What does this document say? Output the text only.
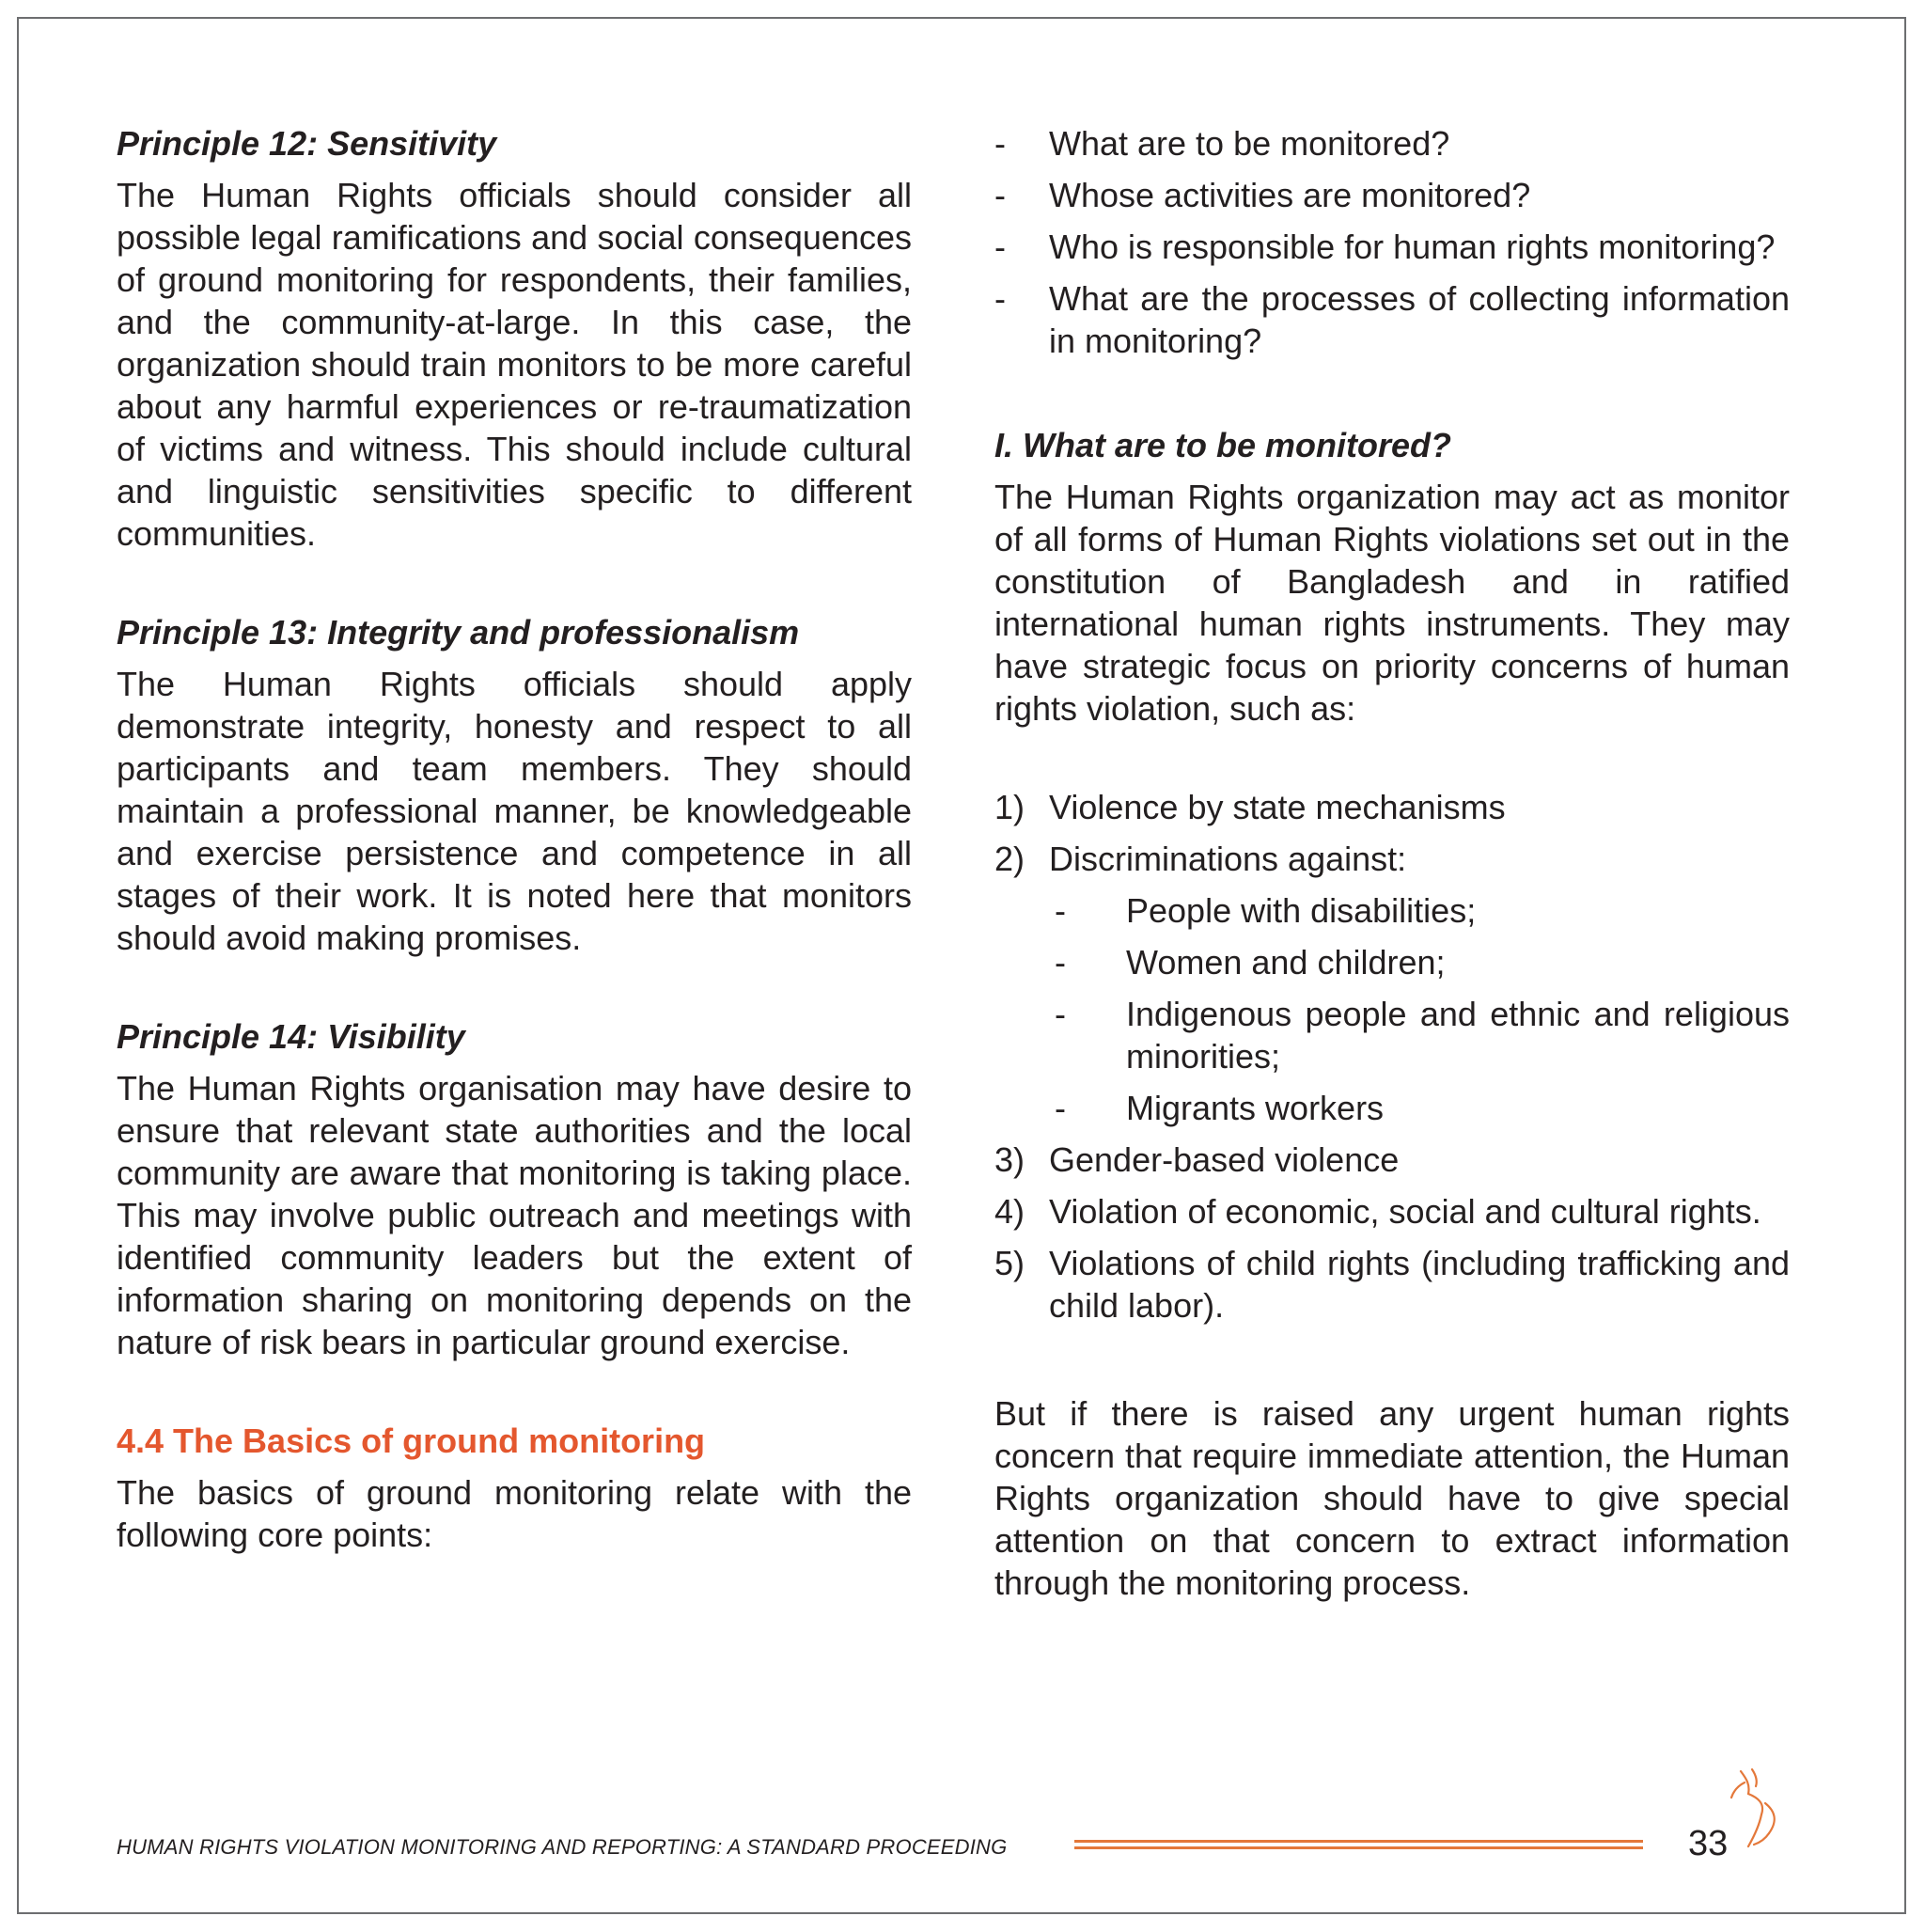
Principle 12: Sensitivity

The Human Rights officials should consider all possible legal ramifications and social consequences of ground monitoring for respondents, their families, and the community-at-large. In this case, the organization should train monitors to be more careful about any harmful experiences or re-traumatization of victims and witness. This should include cultural and linguistic sensitivities specific to different communities.

Principle 13: Integrity and professionalism

The Human Rights officials should apply demonstrate integrity, honesty and respect to all participants and team members. They should maintain a professional manner, be knowledgeable and exercise persistence and competence in all stages of their work. It is noted here that monitors should avoid making promises.

Principle 14: Visibility

The Human Rights organisation may have desire to ensure that relevant state authorities and the local community are aware that monitoring is taking place. This may involve public outreach and meetings with identified community leaders but the extent of information sharing on monitoring depends on the nature of risk bears in particular ground exercise.

4.4 The Basics of ground monitoring

The basics of ground monitoring relate with the following core points:

- What are to be monitored?
- Whose activities are monitored?
- Who is responsible for human rights monitoring?
- What are the processes of collecting information in monitoring?
I. What are to be monitored?

The Human Rights organization may act as monitor of all forms of Human Rights violations set out in the constitution of Bangladesh and in ratified international human rights instruments. They may have strategic focus on priority concerns of human rights violation, such as:

1) Violence by state mechanisms
2) Discriminations against:
- People with disabilities;
- Women and children;
- Indigenous people and ethnic and religious minorities;
- Migrants workers
3) Gender-based violence
4) Violation of economic, social and cultural rights.
5) Violations of child rights (including trafficking and child labor).

But if there is raised any urgent human rights concern that require immediate attention, the Human Rights organization should have to give special attention on that concern to extract information through the monitoring process.

HUMAN RIGHTS VIOLATION MONITORING AND REPORTING: A STANDARD PROCEEDING	33
